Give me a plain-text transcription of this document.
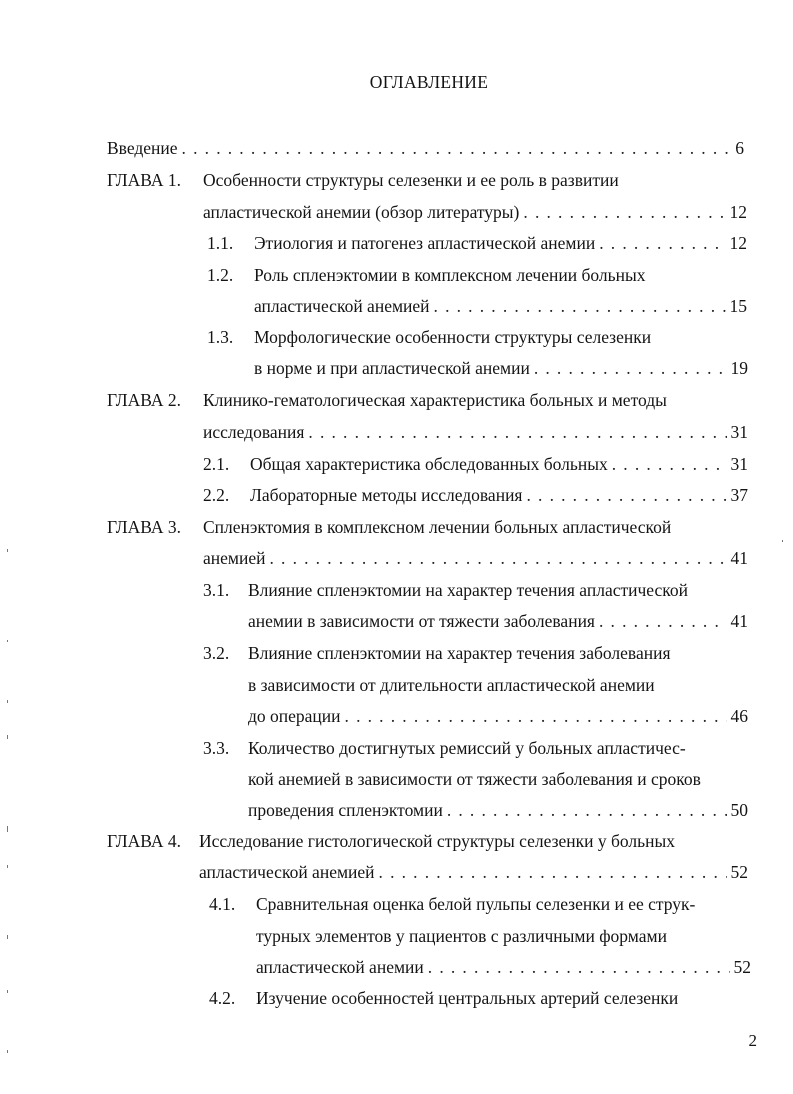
ОГЛАВЛЕНИЕ
Введение . . .	6
ГЛАВА 1. Особенности структуры селезенки и ее роль в развитии
апластической анемии (обзор литературы) . . .	12
1.1. Этиология и патогенез апластической анемии . . .	12
1.2. Роль спленэктомии в комплексном лечении больных
апластической анемией . . .	15
1.3. Морфологические особенности структуры селезенки
в норме и при апластической анемии . . .	19
ГЛАВА 2. Клинико-гематологическая характеристика больных и методы
исследования . . .	31
2.1. Общая характеристика обследованных больных . . .	31
2.2. Лабораторные методы исследования . . .	37
ГЛАВА 3. Спленэктомия в комплексном лечении больных апластической
анемией . . .	41
3.1. Влияние спленэктомии на характер течения апластической
анемии в зависимости от тяжести заболевания . . .	41
3.2. Влияние спленэктомии на характер течения заболевания
в зависимости от длительности апластической анемии
до операции . . .	46
3.3. Количество достигнутых ремиссий у больных апластичес-
кой анемией в зависимости от тяжести заболевания и сроков
проведения спленэктомии . . .	50
ГЛАВА 4. Исследование гистологической структуры селезенки у больных
апластической анемией . . .	52
4.1. Сравнительная оценка белой пульпы селезенки и ее струк-
турных элементов у пациентов с различными формами
апластической анемии . . .	52
4.2. Изучение особенностей центральных артерий селезенки
2
